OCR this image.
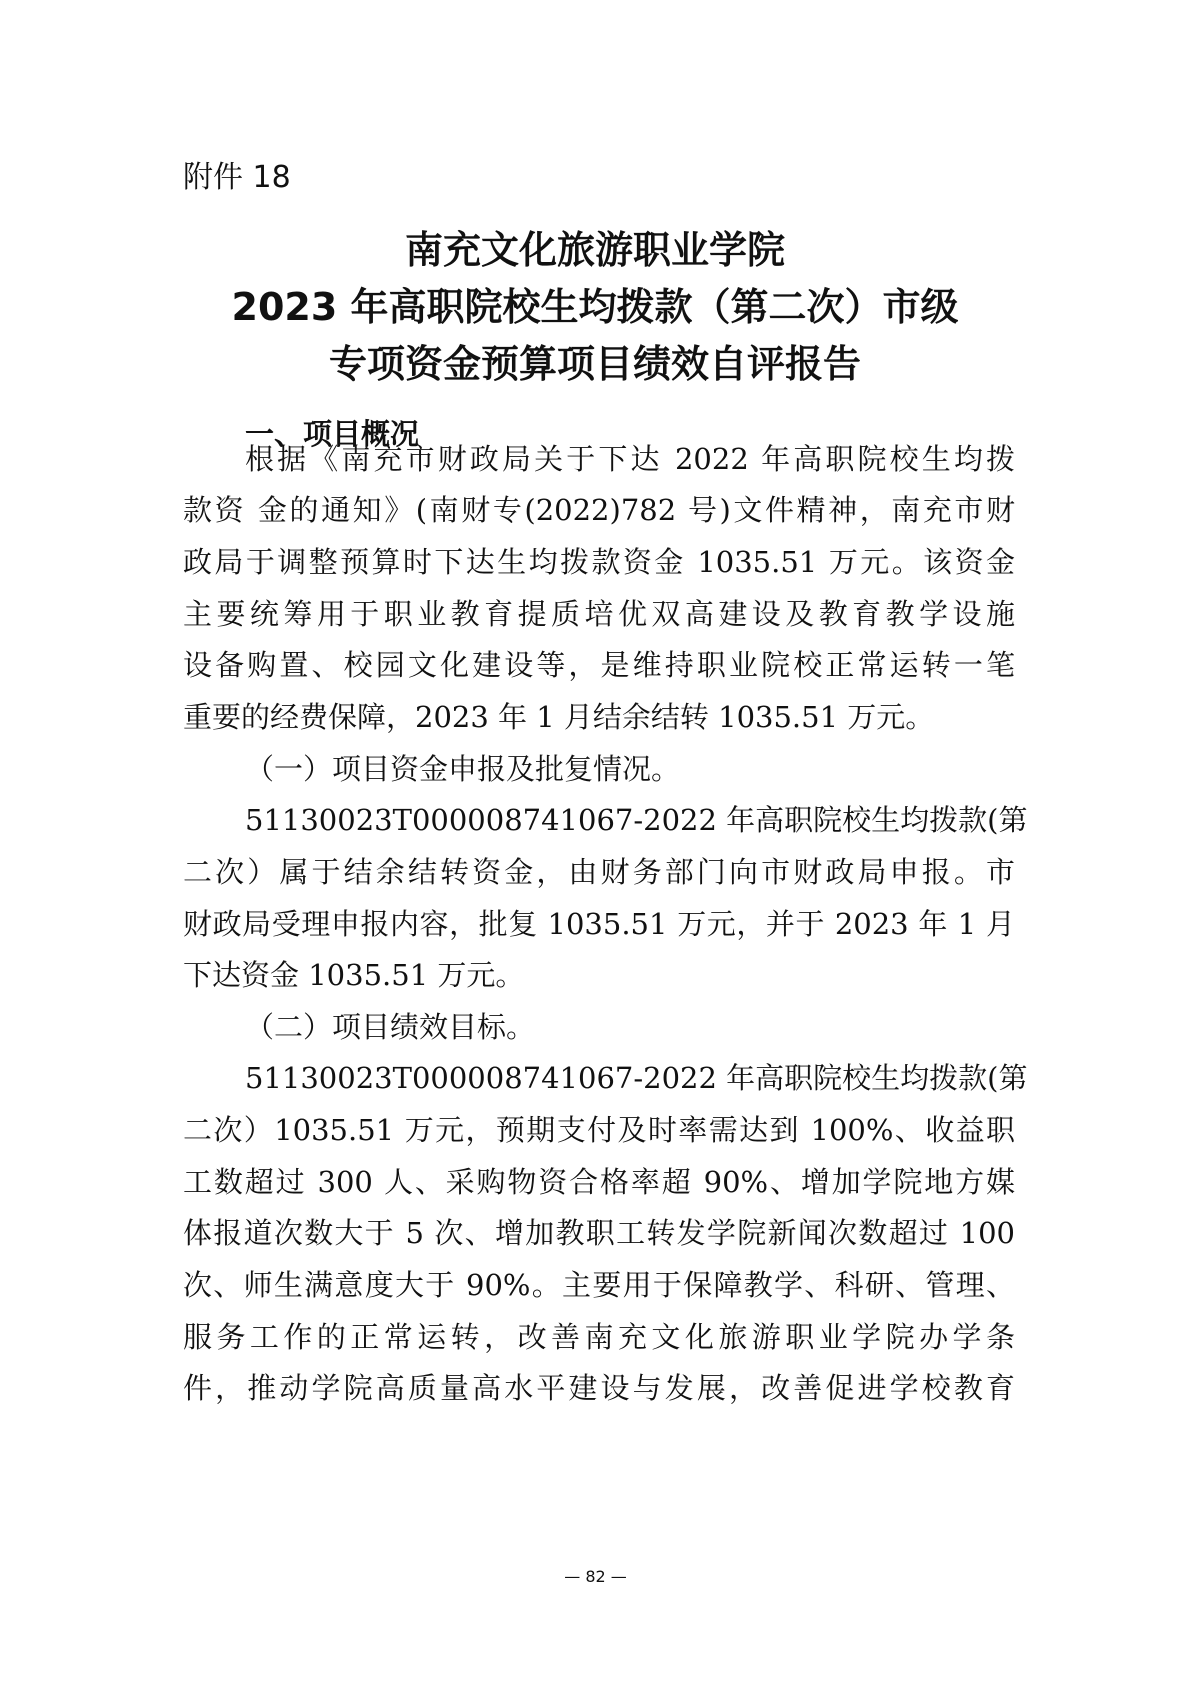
附件 18
南充文化旅游职业学院
2023 年高职院校生均拨款（第二次）市级
专项资金预算项目绩效自评报告
一、项目概况
根据《南充市财政局关于下达 2022 年高职院校生均拨
款资 金的通知》(南财专(2022)782 号)文件精神，南充市财
政局于调整预算时下达生均拨款资金 1035.51 万元。该资金
主要统筹用于职业教育提质培优双高建设及教育教学设施
设备购置、校园文化建设等，是维持职业院校正常运转一笔
重要的经费保障，2023 年 1 月结余结转 1035.51 万元。
（一）项目资金申报及批复情况。
51130023T000008741067-2022 年高职院校生均拨款(第
二次）属于结余结转资金，由财务部门向市财政局申报。市
财政局受理申报内容，批复 1035.51 万元，并于 2023 年 1 月
下达资金 1035.51 万元。
（二）项目绩效目标。
51130023T000008741067-2022 年高职院校生均拨款(第
二次）1035.51 万元，预期支付及时率需达到 100%、收益职
工数超过 300 人、采购物资合格率超 90%、增加学院地方媒
体报道次数大于 5 次、增加教职工转发学院新闻次数超过 100
次、师生满意度大于 90%。主要用于保障教学、科研、管理、
服务工作的正常运转，改善南充文化旅游职业学院办学条
件，推动学院高质量高水平建设与发展，改善促进学校教育
— 82 —
